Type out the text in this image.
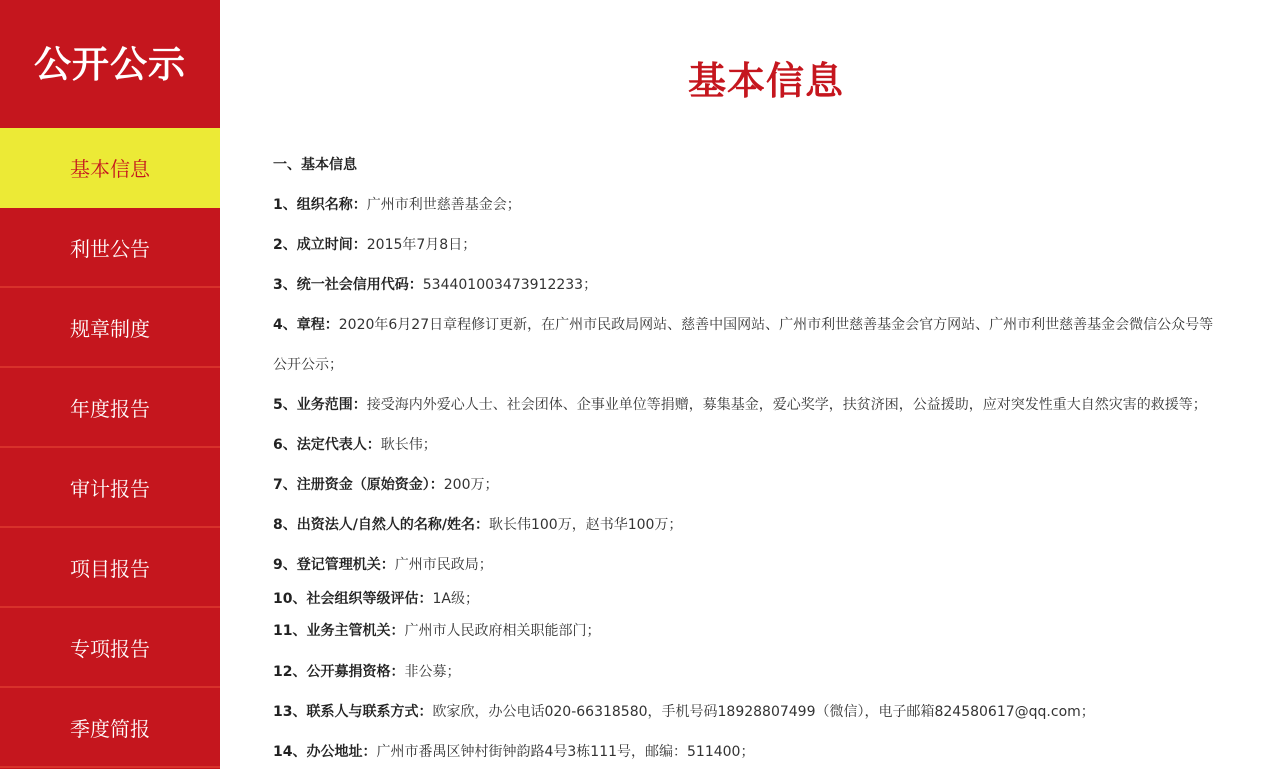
公开公示
基本信息
利世公告
规章制度
年度报告
审计报告
项目报告
专项报告
季度简报
基本信息
一、基本信息
1、组织名称：广州市利世慈善基金会；
2、成立时间：2015年7月8日；
3、统一社会信用代码：534401003473912233；
4、章程：2020年6月27日章程修订更新，在广州市民政局网站、慈善中国网站、广州市利世慈善基金会官方网站、广州市利世慈善基金会微信公众号等
公开公示；
5、业务范围：接受海内外爱心人士、社会团体、企事业单位等捐赠，募集基金，爱心奖学，扶贫济困，公益援助，应对突发性重大自然灾害的救援等；
6、法定代表人：耿长伟；
7、注册资金（原始资金）：200万；
8、出资法人/自然人的名称/姓名：耿长伟100万，赵书华100万；
9、登记管理机关：广州市民政局；
10、社会组织等级评估：1A级；
11、业务主管机关：广州市人民政府相关职能部门；
12、公开募捐资格：非公募；
13、联系人与联系方式：欧家欣，办公电话020-66318580，手机号码18928807499（微信），电子邮箱824580617@qq.com；
14、办公地址：广州市番禺区钟村街钟韵路4号3栋111号，邮编：511400；
